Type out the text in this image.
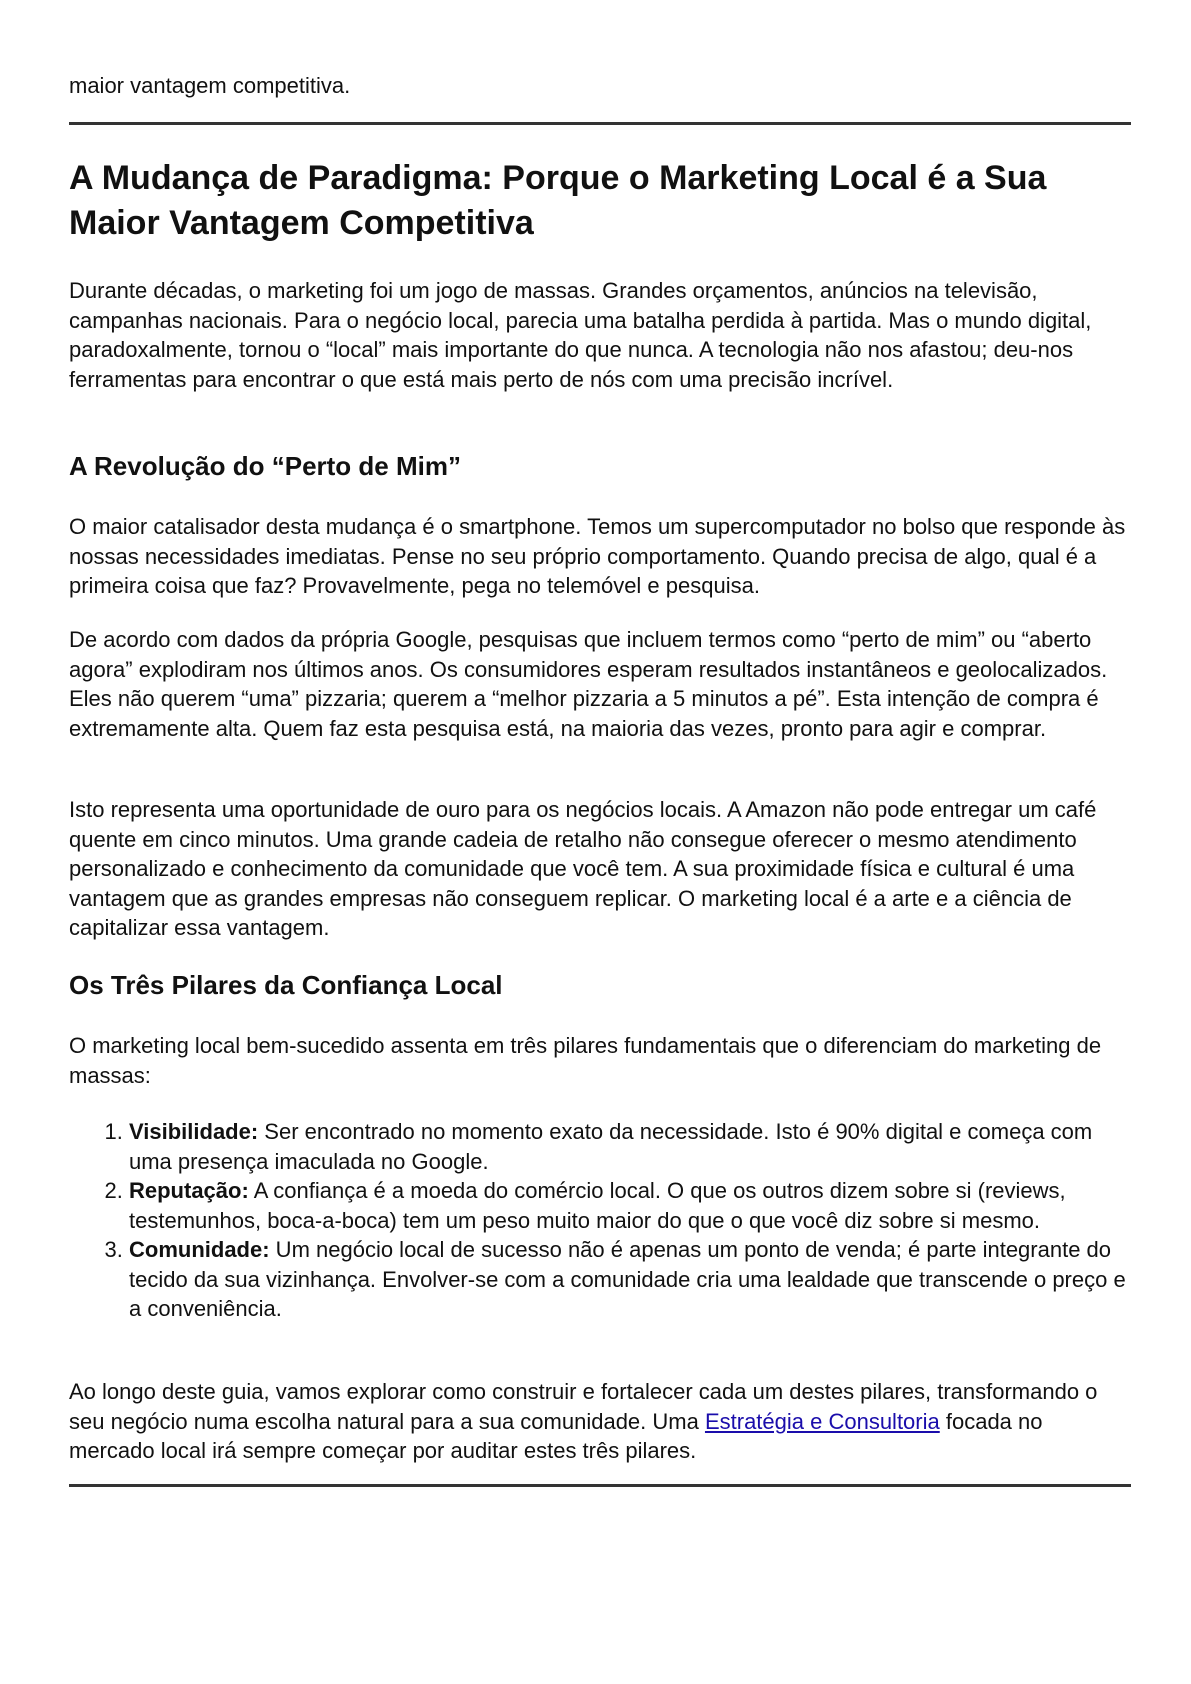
maior vantagem competitiva.

A Mudança de Paradigma: Porque o Marketing Local é a Sua Maior Vantagem Competitiva

Durante décadas, o marketing foi um jogo de massas. Grandes orçamentos, anúncios na televisão, campanhas nacionais. Para o negócio local, parecia uma batalha perdida à partida. Mas o mundo digital, paradoxalmente, tornou o “local” mais importante do que nunca. A tecnologia não nos afastou; deu-nos ferramentas para encontrar o que está mais perto de nós com uma precisão incrível.

A Revolução do “Perto de Mim”

O maior catalisador desta mudança é o smartphone. Temos um supercomputador no bolso que responde às nossas necessidades imediatas. Pense no seu próprio comportamento. Quando precisa de algo, qual é a primeira coisa que faz? Provavelmente, pega no telemóvel e pesquisa.

De acordo com dados da própria Google, pesquisas que incluem termos como “perto de mim” ou “aberto agora” explodiram nos últimos anos. Os consumidores esperam resultados instantâneos e geolocalizados. Eles não querem “uma” pizzaria; querem a “melhor pizzaria a 5 minutos a pé”. Esta intenção de compra é extremamente alta. Quem faz esta pesquisa está, na maioria das vezes, pronto para agir e comprar.

Isto representa uma oportunidade de ouro para os negócios locais. A Amazon não pode entregar um café quente em cinco minutos. Uma grande cadeia de retalho não consegue oferecer o mesmo atendimento personalizado e conhecimento da comunidade que você tem. A sua proximidade física e cultural é uma vantagem que as grandes empresas não conseguem replicar. O marketing local é a arte e a ciência de capitalizar essa vantagem.

Os Três Pilares da Confiança Local

O marketing local bem-sucedido assenta em três pilares fundamentais que o diferenciam do marketing de massas:

1. Visibilidade: Ser encontrado no momento exato da necessidade. Isto é 90% digital e começa com uma presença imaculada no Google.
2. Reputação: A confiança é a moeda do comércio local. O que os outros dizem sobre si (reviews, testemunhos, boca-a-boca) tem um peso muito maior do que o que você diz sobre si mesmo.
3. Comunidade: Um negócio local de sucesso não é apenas um ponto de venda; é parte integrante do tecido da sua vizinhança. Envolver-se com a comunidade cria uma lealdade que transcende o preço e a conveniência.

Ao longo deste guia, vamos explorar como construir e fortalecer cada um destes pilares, transformando o seu negócio numa escolha natural para a sua comunidade. Uma Estratégia e Consultoria focada no mercado local irá sempre começar por auditar estes três pilares.
